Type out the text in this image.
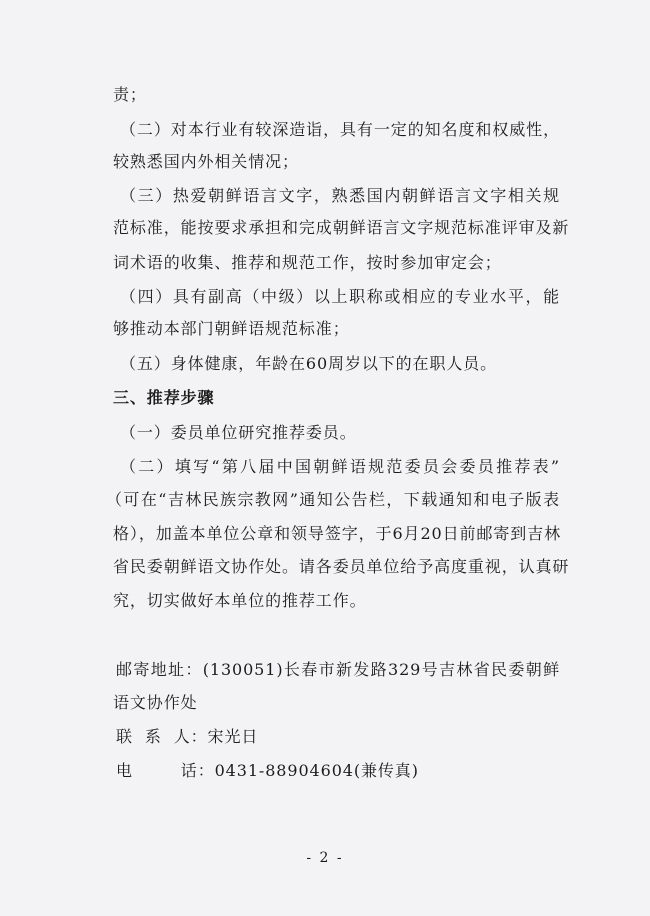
责；
（二）对本行业有较深造诣，具有一定的知名度和权威性，
较熟悉国内外相关情况；
（三）热爱朝鲜语言文字，熟悉国内朝鲜语言文字相关规
范标准，能按要求承担和完成朝鲜语言文字规范标准评审及新
词术语的收集、推荐和规范工作，按时参加审定会；
（四）具有副高（中级）以上职称或相应的专业水平，能
够推动本部门朝鲜语规范标准；
（五）身体健康，年龄在60周岁以下的在职人员。
三、推荐步骤
（一）委员单位研究推荐委员。
（二）填写“第八届中国朝鲜语规范委员会委员推荐表”
（可在“吉林民族宗教网”通知公告栏，下载通知和电子版表
格），加盖本单位公章和领导签字，于6月20日前邮寄到吉林
省民委朝鲜语文协作处。请各委员单位给予高度重视，认真研
究，切实做好本单位的推荐工作。
邮寄地址：(130051)长春市新发路329号吉林省民委朝鲜
语文协作处
联  系  人：宋光日
电        话：0431-88904604(兼传真)
- 2 -
